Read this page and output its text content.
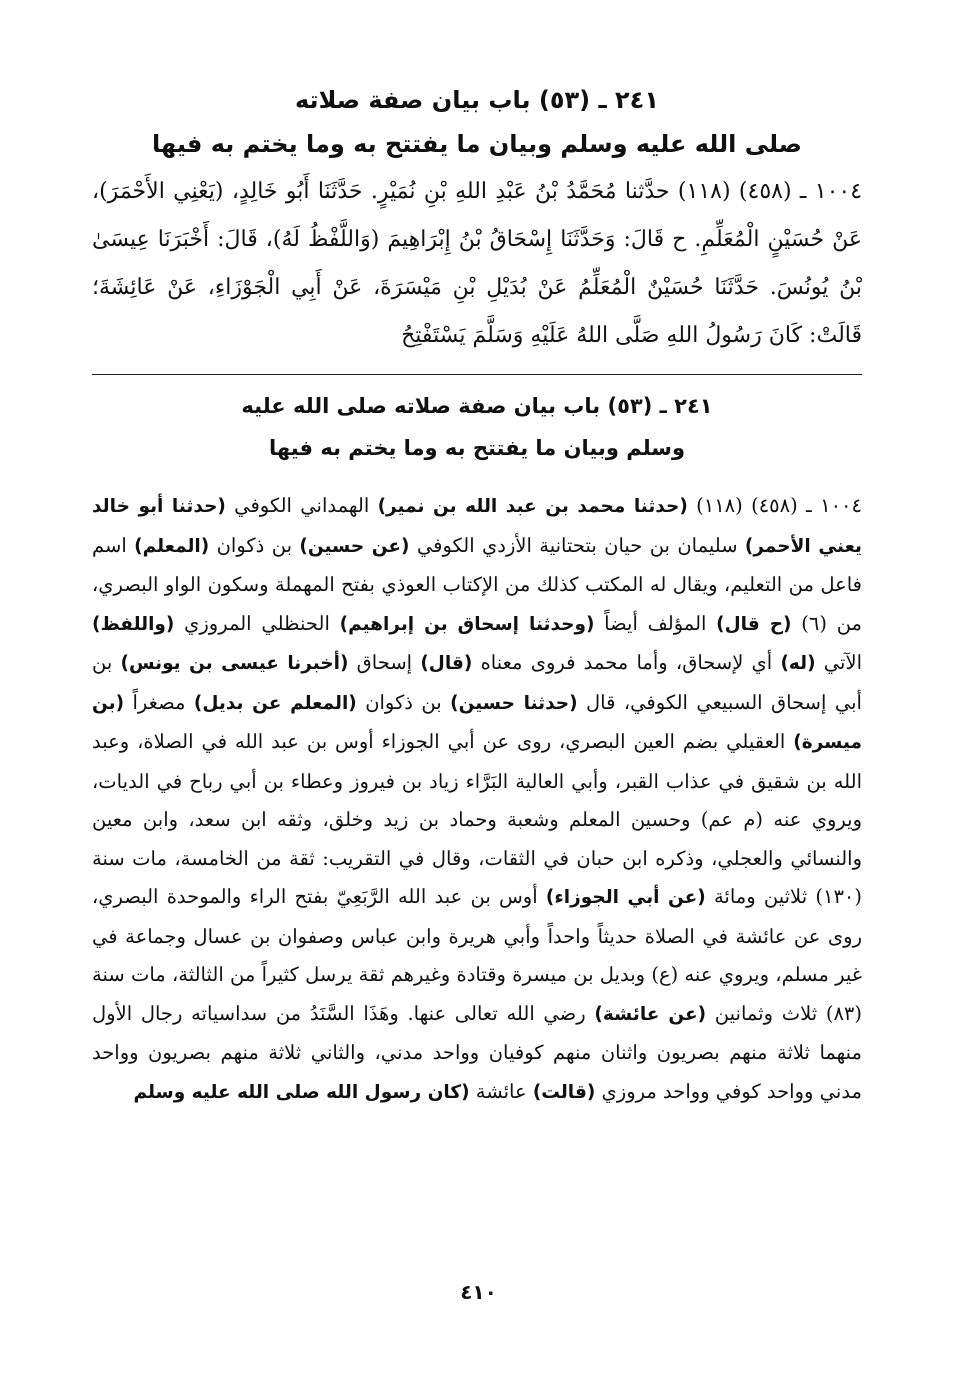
٢٤١ ـ (٥٣) باب بيان صفة صلاته
صلى الله عليه وسلم وبيان ما يفتتح به وما يختم به فيها

١٠٠٤ ـ (٤٥٨) (١١٨) حدَّثنا مُحَمَّدُ بْنُ عَبْدِ اللهِ بْنِ نُمَيْرٍ. حَدَّثَنَا أَبُو خَالِدٍ، (يَعْنِي الأَحْمَرَ)، عَنْ حُسَيْنٍ الْمُعَلِّمِ. ح قَالَ: وَحَدَّثَنَا إِسْحَاقُ بْنُ إِبْرَاهِيمَ (وَاللَّفْظُ لَهُ)، قَالَ: أَخْبَرَنَا عِيسَىٰ بْنُ يُونُسَ. حَدَّثَنَا حُسَيْنٌ الْمُعَلِّمُ عَنْ بُدَيْلِ بْنِ مَيْسَرَةَ، عَنْ أَبِي الْجَوْزَاءِ، عَنْ عَائِشَةَ؛ قَالَتْ: كَانَ رَسُولُ اللهِ صَلَّى اللهُ عَلَيْهِ وَسَلَّمَ يَسْتَفْتِحُ

٢٤١ ـ (٥٣) باب بيان صفة صلاته صلى الله عليه
وسلم وبيان ما يفتتح به وما يختم به فيها

١٠٠٤ ـ (٤٥٨) (١١٨) (حدثنا محمد بن عبد الله بن نمير) الهمداني الكوفي (حدثنا أبو خالد يعني الأحمر) سليمان بن حيان بتحتانية الأزدي الكوفي (عن حسين) بن ذكوان (المعلم) اسم فاعل من التعليم، ويقال له المكتب كذلك من الإكتاب العوذي بفتح المهملة وسكون الواو البصري، من (٦) (ح قال) المؤلف أيضاً (وحدثنا إسحاق بن إبراهيم) الحنظلي المروزي (واللفظ) الآتي (له) أي لإسحاق، وأما محمد فروى معناه (قال) إسحاق (أخبرنا عيسى بن يونس) بن أبي إسحاق السبيعي الكوفي، قال (حدثنا حسين) بن ذكوان (المعلم عن بديل) مصغراً (بن ميسرة) العقيلي بضم العين البصري، روى عن أبي الجوزاء أوس بن عبد الله في الصلاة، وعبد الله بن شقيق في عذاب القبر، وأبي العالية البَرَّاء زياد بن فيروز وعطاء بن أبي رباح في الديات، ويروي عنه (م عم) وحسين المعلم وشعبة وحماد بن زيد وخلق، وثقه ابن سعد، وابن معين والنسائي والعجلي، وذكره ابن حبان في الثقات، وقال في التقريب: ثقة من الخامسة، مات سنة (١٣٠) ثلاثين ومائة (عن أبي الجوزاء) أوس بن عبد الله الرَّبَعِيّ بفتح الراء والموحدة البصري، روى عن عائشة في الصلاة حديثاً واحداً وأبي هريرة وابن عباس وصفوان بن عسال وجماعة في غير مسلم، ويروي عنه (ع) وبديل بن ميسرة وقتادة وغيرهم ثقة يرسل كثيراً من الثالثة، مات سنة (٨٣) ثلاث وثمانين (عن عائشة) رضي الله تعالى عنها. وهَذَا السَّنَدُ من سداسياته رجال الأول منهما ثلاثة منهم بصريون واثنان منهم كوفيان وواحد مدني، والثاني ثلاثة منهم بصريون وواحد مدني وواحد كوفي وواحد مروزي (قالت) عائشة (كان رسول الله صلى الله عليه وسلم

٤١٠
